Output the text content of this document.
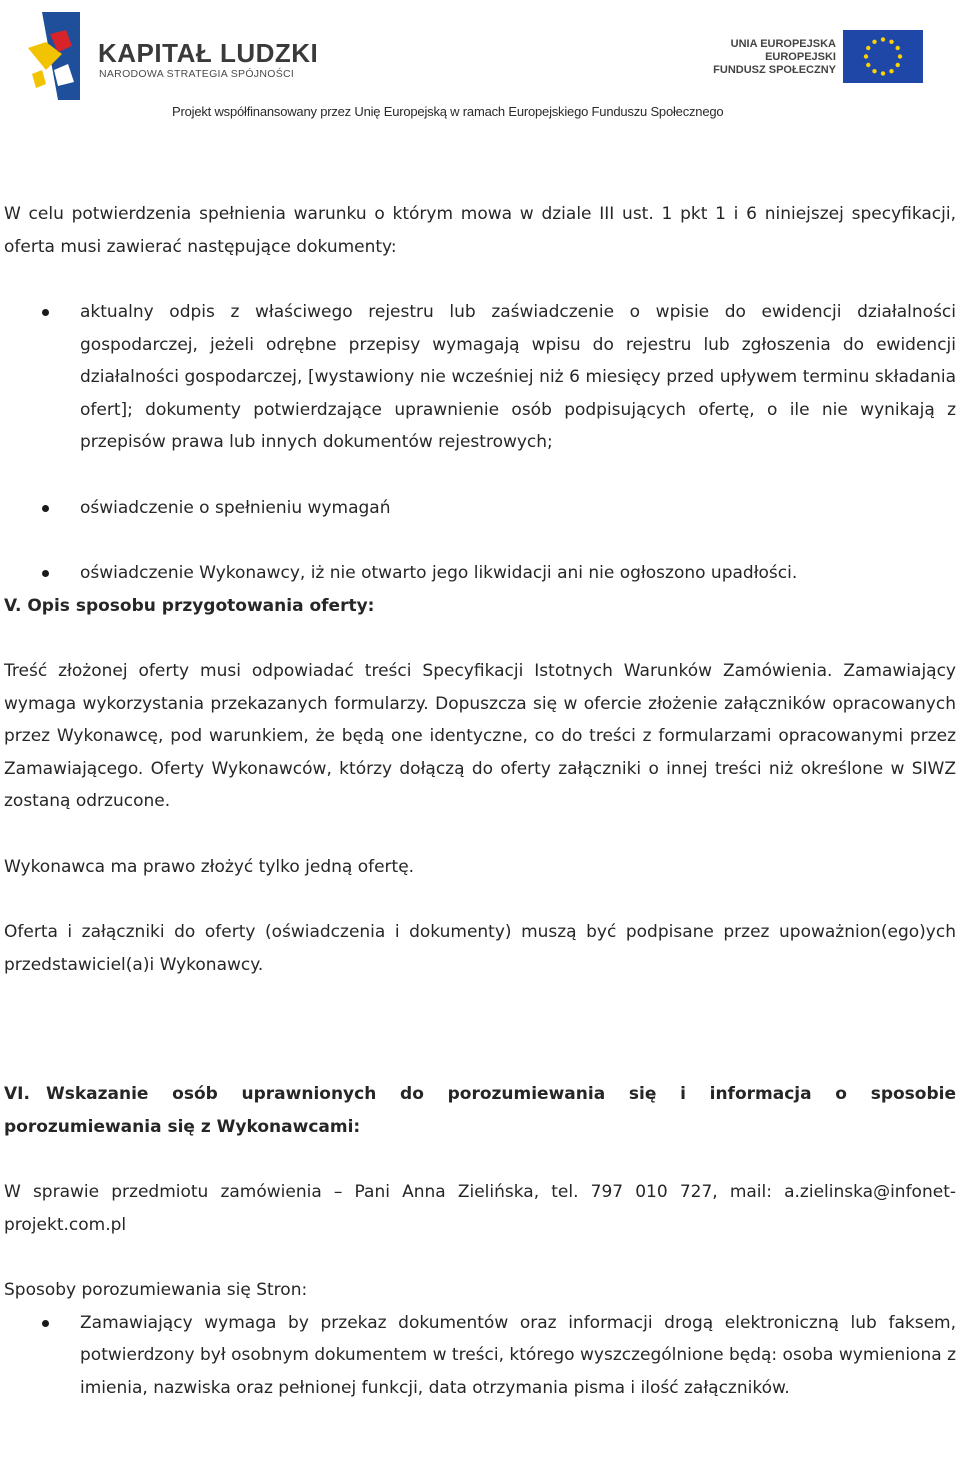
KAPITAŁ LUDZKI
NARODOWA STRATEGIA SPÓJNOŚCI
UNIA EUROPEJSKA
EUROPEJSKI
FUNDUSZ SPOŁECZNY
Projekt współfinansowany przez Unię Europejską w ramach Europejskiego Funduszu Społecznego

W celu potwierdzenia spełnienia warunku o którym mowa w dziale III ust. 1 pkt 1 i 6 niniejszej specyfikacji, oferta musi zawierać następujące dokumenty:

aktualny odpis z właściwego rejestru lub zaświadczenie o wpisie do ewidencji działalności gospodarczej, jeżeli odrębne przepisy wymagają wpisu do rejestru lub zgłoszenia do ewidencji działalności gospodarczej, [wystawiony nie wcześniej niż 6 miesięcy przed upływem terminu składania ofert]; dokumenty potwierdzające uprawnienie osób podpisujących ofertę, o ile nie wynikają z przepisów prawa lub innych dokumentów rejestrowych;
oświadczenie o spełnieniu wymagań
oświadczenie Wykonawcy, iż nie otwarto jego likwidacji ani nie ogłoszono upadłości.

V. Opis sposobu przygotowania oferty:

Treść złożonej oferty musi odpowiadać treści Specyfikacji Istotnych Warunków Zamówienia. Zamawiający wymaga wykorzystania przekazanych formularzy. Dopuszcza się w ofercie złożenie załączników opracowanych przez Wykonawcę, pod warunkiem, że będą one identyczne, co do treści z formularzami opracowanymi przez Zamawiającego. Oferty Wykonawców, którzy dołączą do oferty załączniki o innej treści niż określone w SIWZ zostaną odrzucone.

Wykonawca ma prawo złożyć tylko jedną ofertę.

Oferta i załączniki do oferty (oświadczenia i dokumenty) muszą być podpisane przez upoważnion(ego)ych przedstawiciel(a)i Wykonawcy.

VI. Wskazanie osób uprawnionych do porozumiewania się i informacja o sposobie porozumiewania się z Wykonawcami:

W sprawie przedmiotu zamówienia – Pani Anna Zielińska, tel. 797 010 727, mail: a.zielinska@infonet-projekt.com.pl

Sposoby porozumiewania się Stron:

Zamawiający wymaga by przekaz dokumentów oraz informacji drogą elektroniczną lub faksem, potwierdzony był osobnym dokumentem w treści, którego wyszczególnione będą: osoba wymieniona z imienia, nazwiska oraz pełnionej funkcji, data otrzymania pisma i ilość załączników.
